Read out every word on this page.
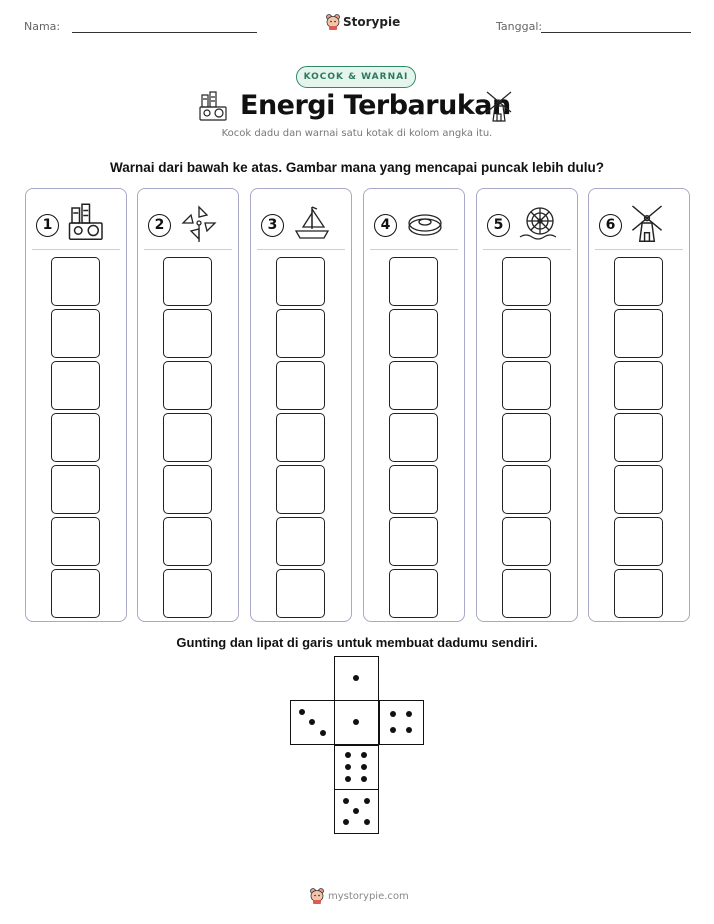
Nama:	Storypie	Tanggal:
KOCOK & WARNAI
Energi Terbarukan
Kocok dadu dan warnai satu kotak di kolom angka itu.
Warnai dari bawah ke atas. Gambar mana yang mencapai puncak lebih dulu?
1	2	3	4	5	6
Gunting dan lipat di garis untuk membuat dadumu sendiri.
mystorypie.com
